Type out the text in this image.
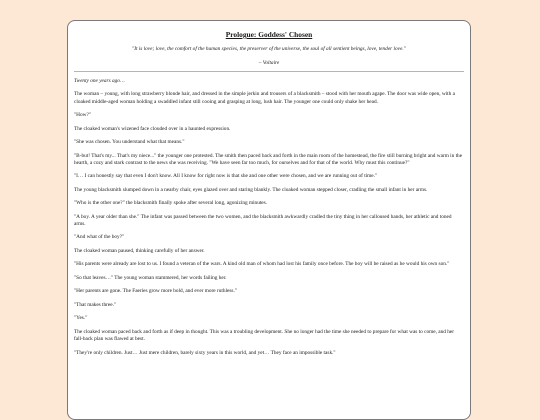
Prologue: Goddess' Chosen
"It is love; love, the comfort of the human species, the preserver of the universe, the soul of all sentient beings, love, tender love."
– Voltaire

Twenty one years ago…

The woman – young, with long strawberry blonde hair, and dressed in the simple jerkin and trousers of a blacksmith – stood with her mouth agape. The door was wide open, with a cloaked middle-aged woman holding a swaddled infant still cooing and grasping at long, lush hair. The younger one could only shake her head.

"How?"

The cloaked woman's wizened face clouded over in a haunted expression.

"She was chosen. You understand what that means."

"B-but! That's my... That's my niece..." the younger one protested. The smith then paced back and forth in the main room of the homestead, the fire still burning bright and warm in the hearth, a cozy and stark contrast to the news she was receiving. "We have seen far too much, for ourselves and for that of the world. Why must this continue?"

"I… I can honestly say that even I don't know. All I know for right now is that she and one other were chosen, and we are running out of time."

The young blacksmith slumped down in a nearby chair, eyes glazed over and staring blankly. The cloaked woman stepped closer, cradling the small infant in her arms.

"Who is the other one?" the blacksmith finally spoke after several long, agonizing minutes.

"A boy. A year older than she." The infant was passed between the two women, and the blacksmith awkwardly cradled the tiny thing in her calloused hands, her athletic and toned arms.

"And what of the boy?"

The cloaked woman paused, thinking carefully of her answer.

"His parents were already are lost to us. I found a veteran of the wars. A kind old man of whom had lost his family once before. The boy will be raised as he would his own son."

"So that leaves…" The young woman stammered, her words failing her.

"Her parents are gone. The Faeries grow more bold, and ever more ruthless."

"That makes three."

"Yes."

The cloaked woman paced back and forth as if deep in thought. This was a troubling development. She no longer had the time she needed to prepare for what was to come, and her fall-back plan was flawed at best.

"They're only children. Just… Just mere children, barely sixty years in this world, and yet… They face an impossible task."
